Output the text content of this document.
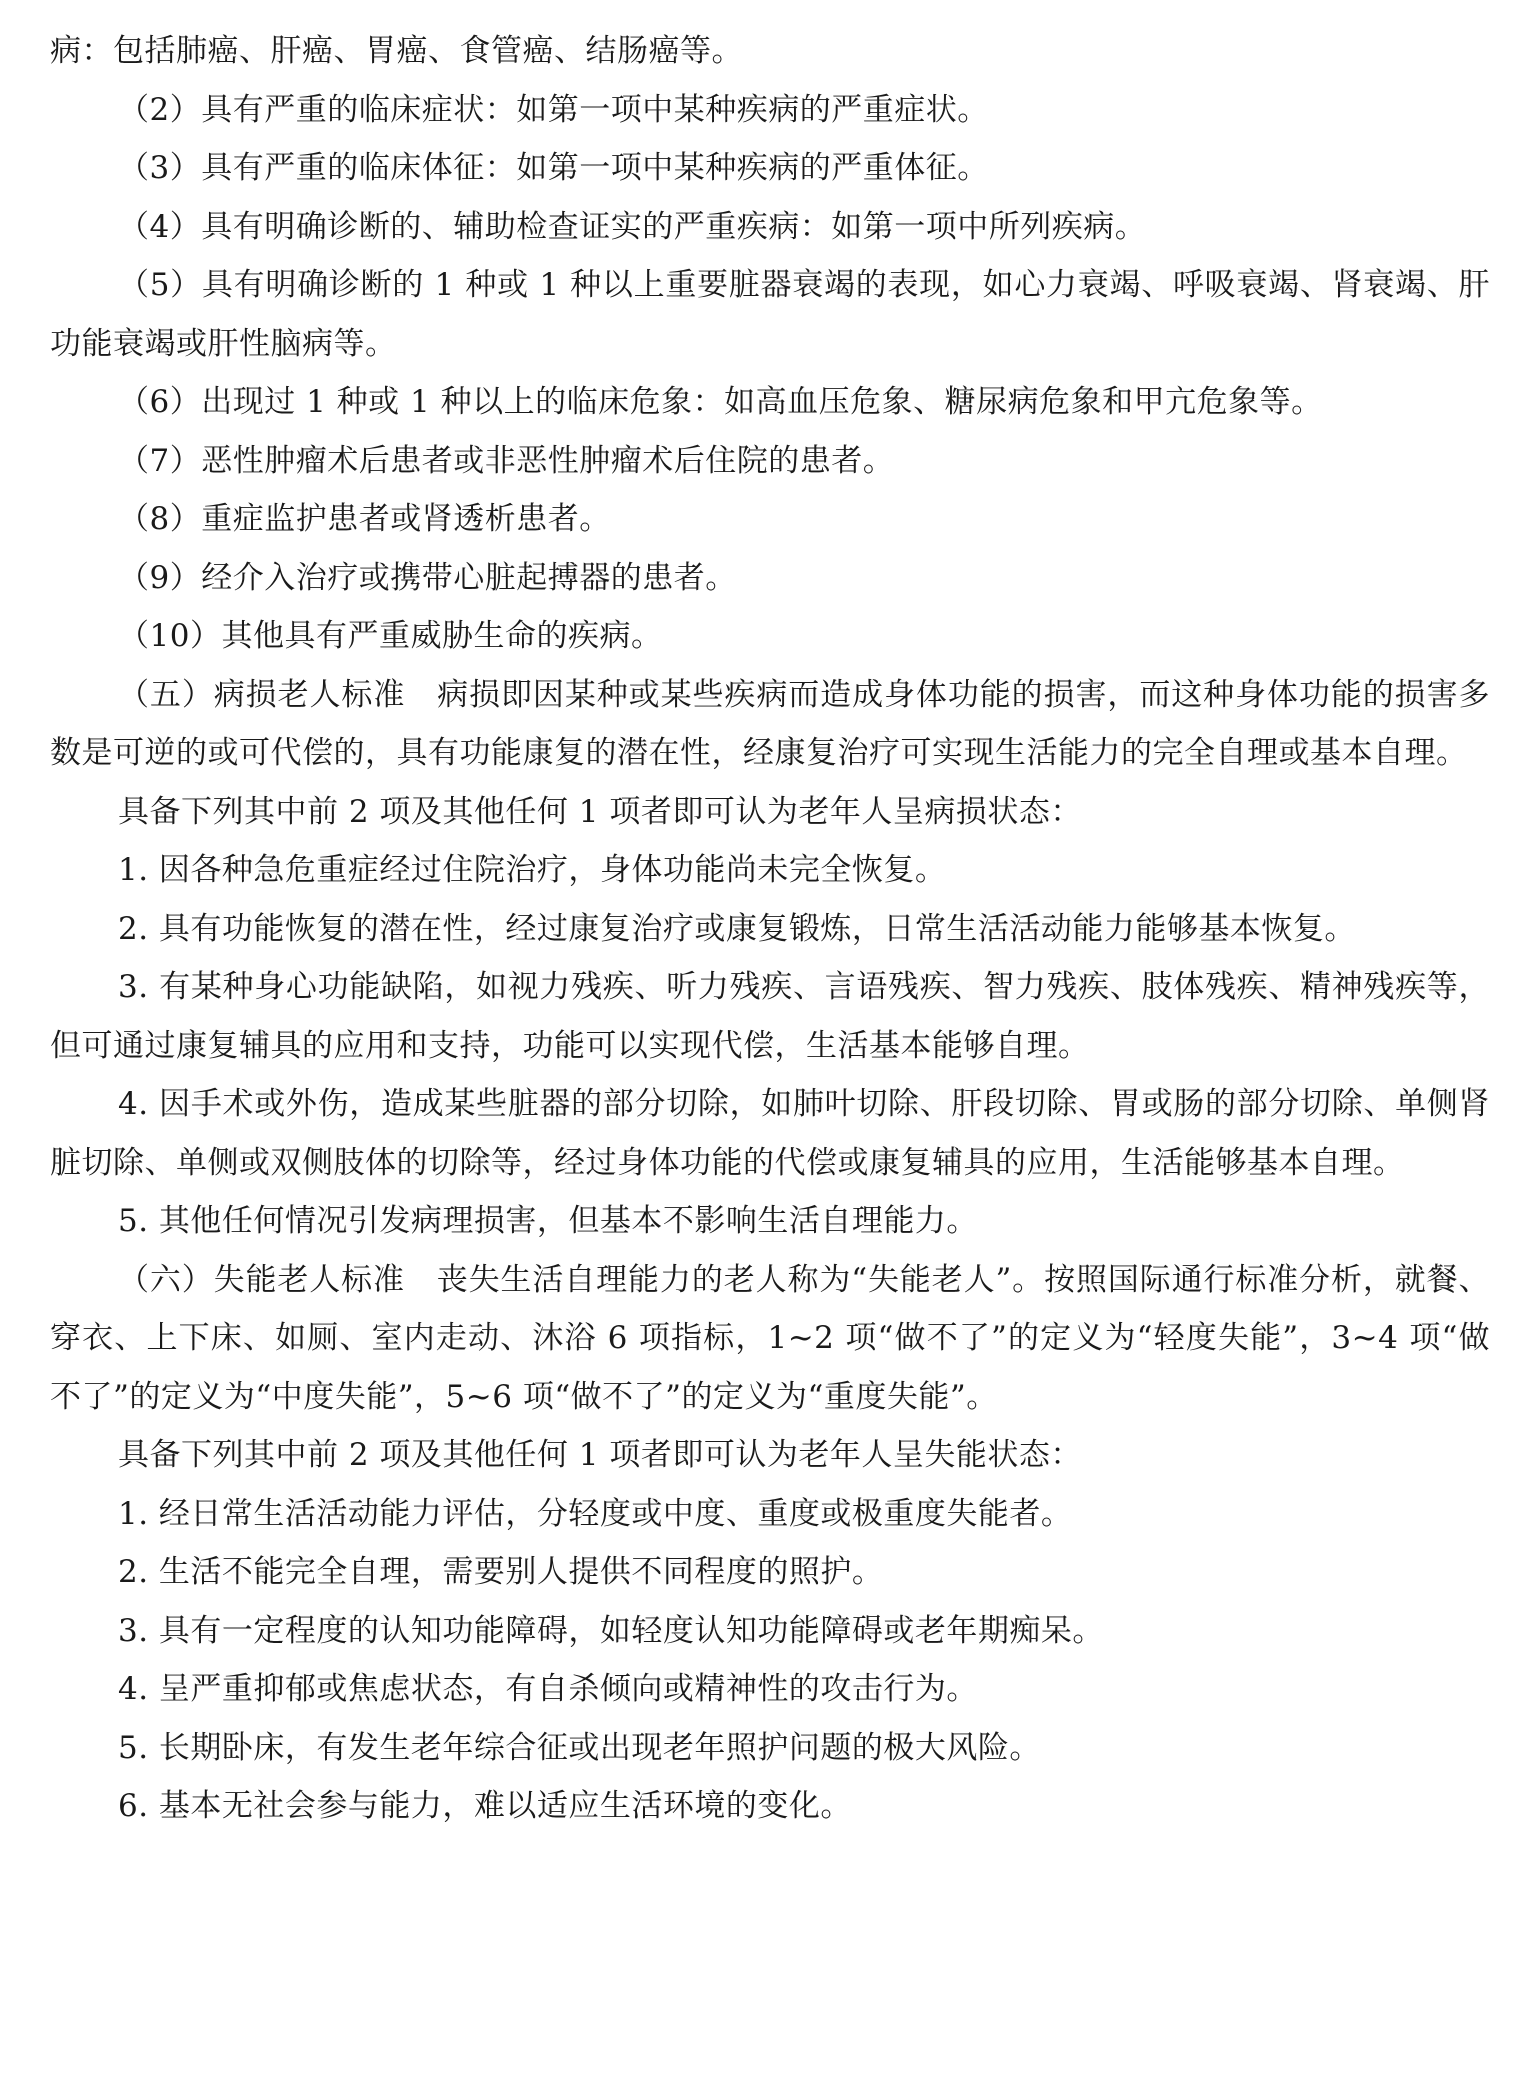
病：包括肺癌、肝癌、胃癌、食管癌、结肠癌等。

（2）具有严重的临床症状：如第一项中某种疾病的严重症状。

（3）具有严重的临床体征：如第一项中某种疾病的严重体征。

（4）具有明确诊断的、辅助检查证实的严重疾病：如第一项中所列疾病。

（5）具有明确诊断的 1 种或 1 种以上重要脏器衰竭的表现，如心力衰竭、呼吸衰竭、肾衰竭、肝功能衰竭或肝性脑病等。

（6）出现过 1 种或 1 种以上的临床危象：如高血压危象、糖尿病危象和甲亢危象等。

（7）恶性肿瘤术后患者或非恶性肿瘤术后住院的患者。

（8）重症监护患者或肾透析患者。

（9）经介入治疗或携带心脏起搏器的患者。

（10）其他具有严重威胁生命的疾病。

（五）病损老人标准　病损即因某种或某些疾病而造成身体功能的损害，而这种身体功能的损害多数是可逆的或可代偿的，具有功能康复的潜在性，经康复治疗可实现生活能力的完全自理或基本自理。

具备下列其中前 2 项及其他任何 1 项者即可认为老年人呈病损状态：

1. 因各种急危重症经过住院治疗，身体功能尚未完全恢复。

2. 具有功能恢复的潜在性，经过康复治疗或康复锻炼，日常生活活动能力能够基本恢复。

3. 有某种身心功能缺陷，如视力残疾、听力残疾、言语残疾、智力残疾、肢体残疾、精神残疾等，但可通过康复辅具的应用和支持，功能可以实现代偿，生活基本能够自理。

4. 因手术或外伤，造成某些脏器的部分切除，如肺叶切除、肝段切除、胃或肠的部分切除、单侧肾脏切除、单侧或双侧肢体的切除等，经过身体功能的代偿或康复辅具的应用，生活能够基本自理。

5. 其他任何情况引发病理损害，但基本不影响生活自理能力。

（六）失能老人标准　丧失生活自理能力的老人称为“失能老人”。按照国际通行标准分析，就餐、穿衣、上下床、如厕、室内走动、沐浴 6 项指标，1~2 项“做不了”的定义为“轻度失能”，3~4 项“做不了”的定义为“中度失能”，5~6 项“做不了”的定义为“重度失能”。

具备下列其中前 2 项及其他任何 1 项者即可认为老年人呈失能状态：

1. 经日常生活活动能力评估，分轻度或中度、重度或极重度失能者。

2. 生活不能完全自理，需要别人提供不同程度的照护。

3. 具有一定程度的认知功能障碍，如轻度认知功能障碍或老年期痴呆。

4. 呈严重抑郁或焦虑状态，有自杀倾向或精神性的攻击行为。

5. 长期卧床，有发生老年综合征或出现老年照护问题的极大风险。

6. 基本无社会参与能力，难以适应生活环境的变化。
